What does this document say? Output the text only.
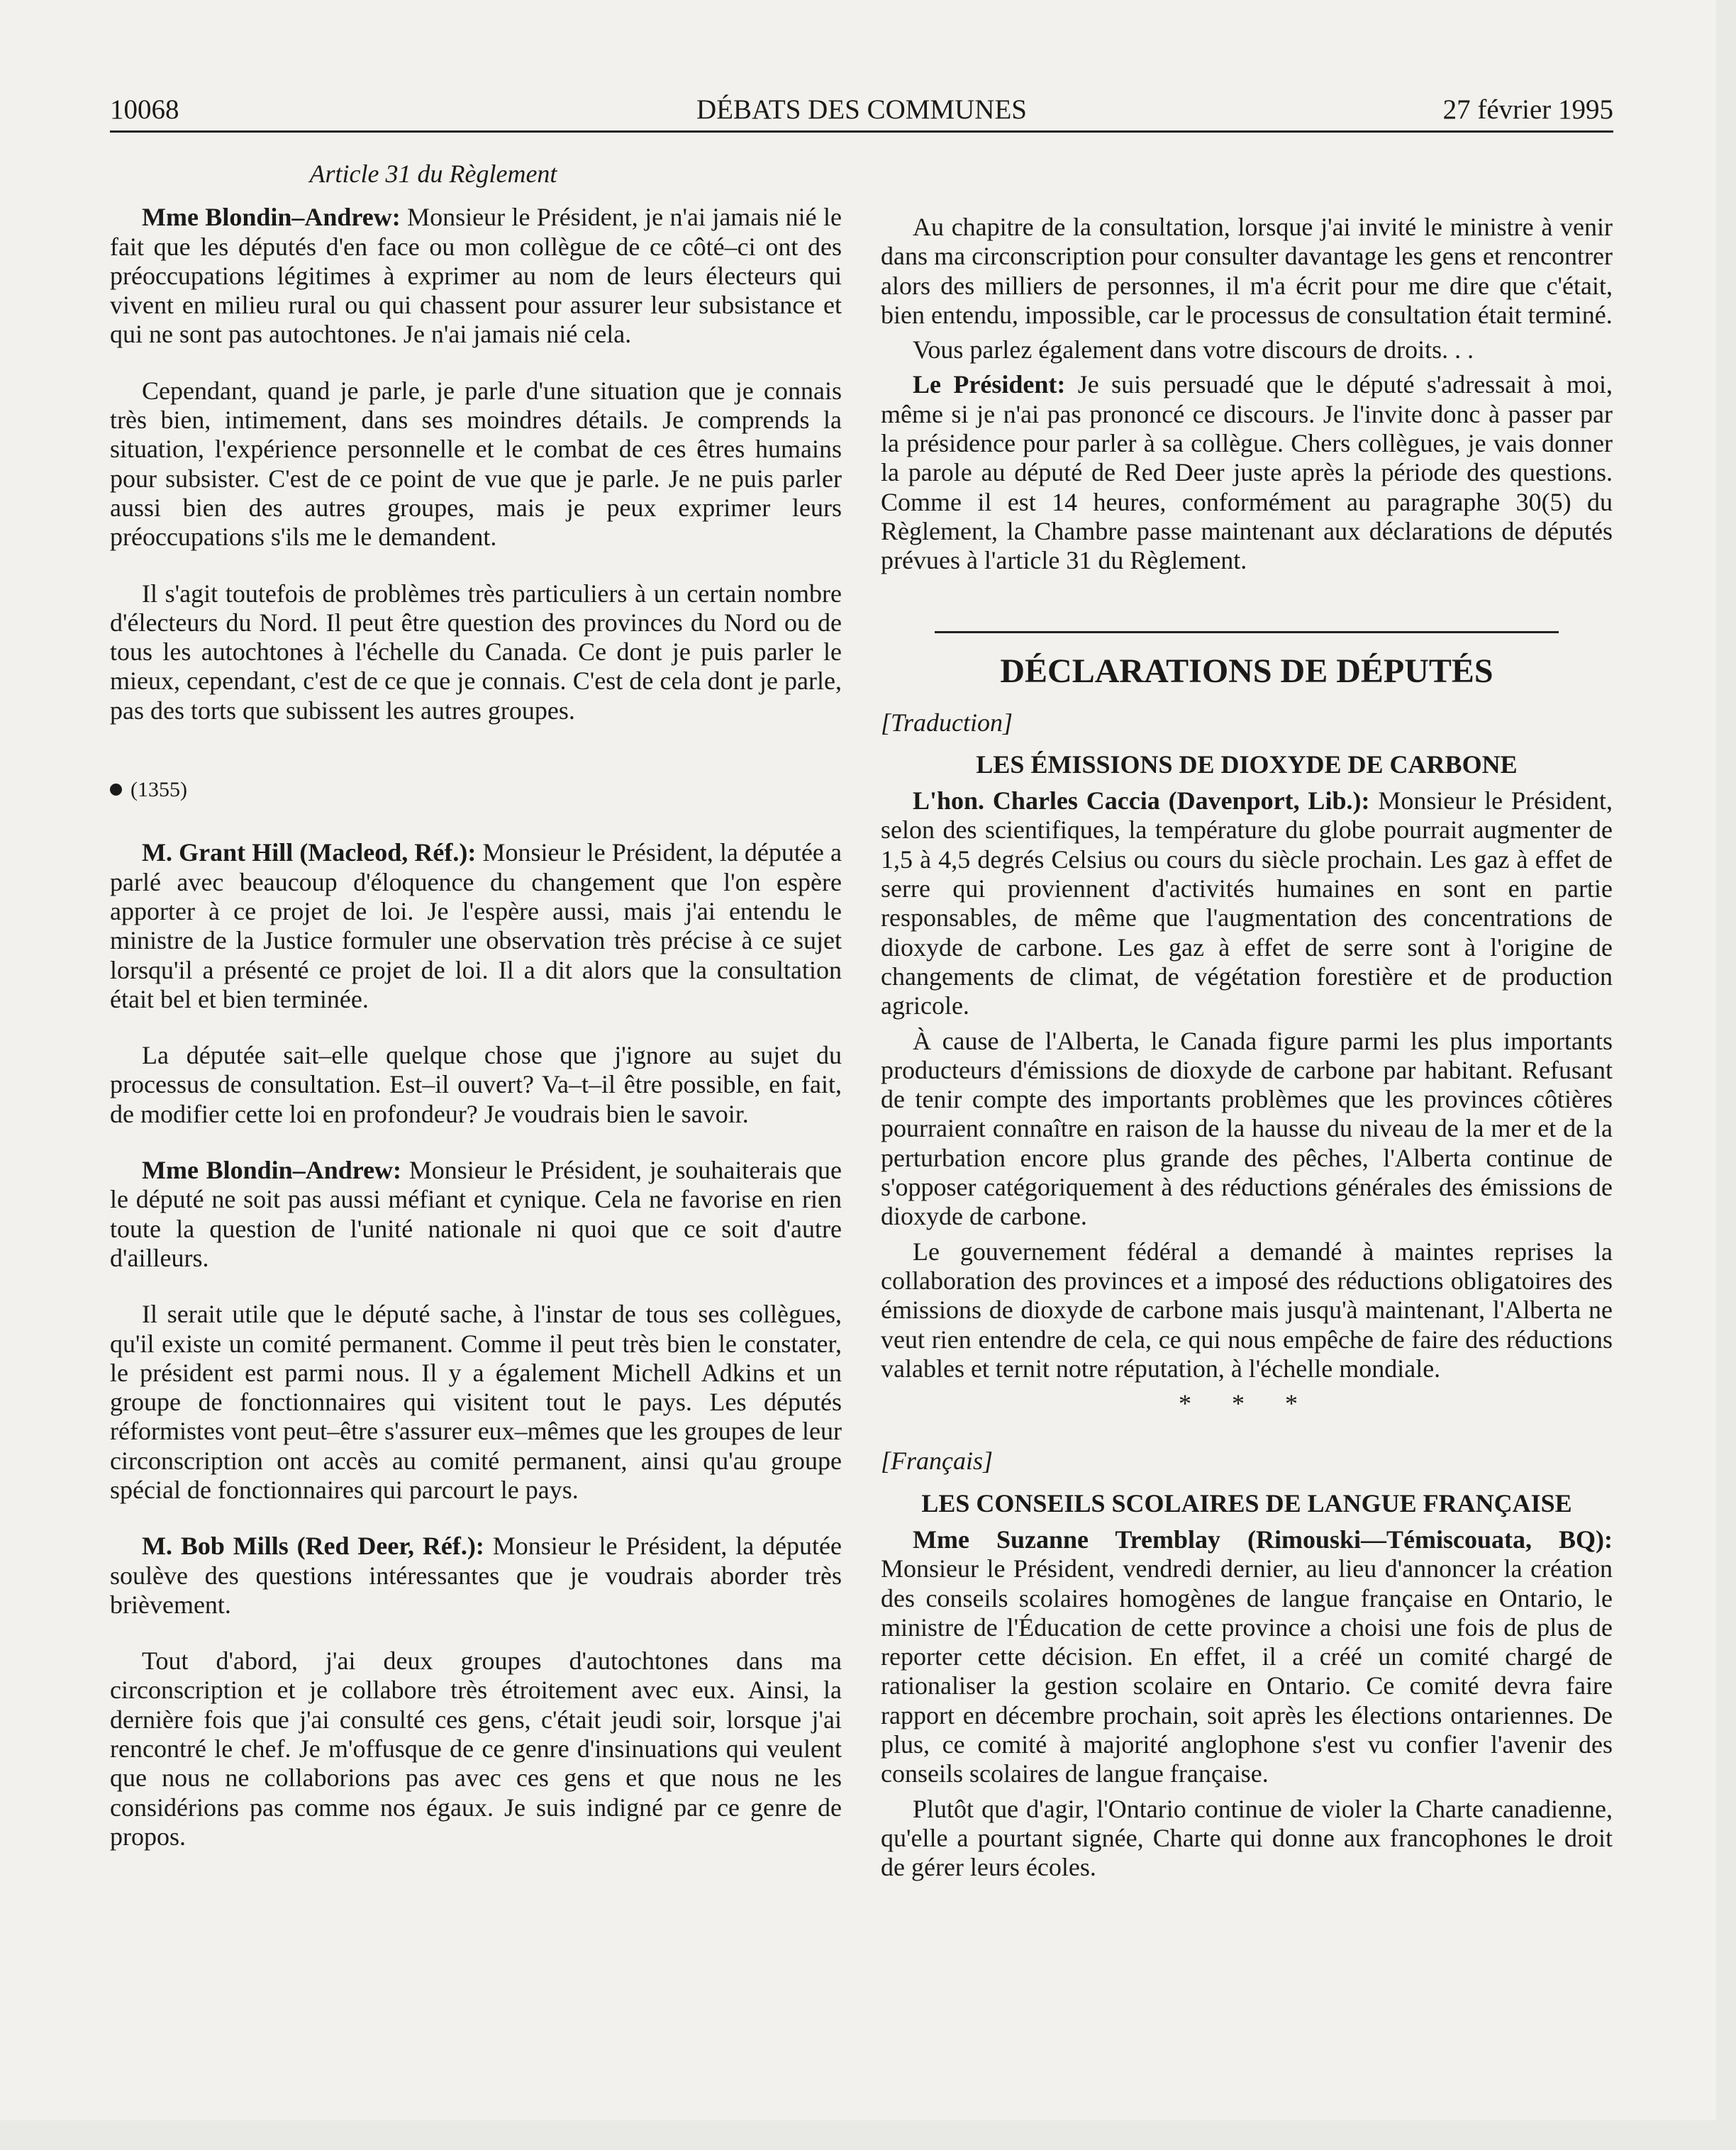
10068	DÉBATS DES COMMUNES	27 février 1995

Article 31 du Règlement

Mme Blondin–Andrew: Monsieur le Président, je n'ai jamais nié le fait que les députés d'en face ou mon collègue de ce côté–ci ont des préoccupations légitimes à exprimer au nom de leurs électeurs qui vivent en milieu rural ou qui chassent pour assurer leur subsistance et qui ne sont pas autochtones. Je n'ai jamais nié cela.

Cependant, quand je parle, je parle d'une situation que je connais très bien, intimement, dans ses moindres détails. Je comprends la situation, l'expérience personnelle et le combat de ces êtres humains pour subsister. C'est de ce point de vue que je parle. Je ne puis parler aussi bien des autres groupes, mais je peux exprimer leurs préoccupations s'ils me le demandent.

Il s'agit toutefois de problèmes très particuliers à un certain nombre d'électeurs du Nord. Il peut être question des provinces du Nord ou de tous les autochtones à l'échelle du Canada. Ce dont je puis parler le mieux, cependant, c'est de ce que je connais. C'est de cela dont je parle, pas des torts que subissent les autres groupes.

(1355)

M. Grant Hill (Macleod, Réf.): Monsieur le Président, la députée a parlé avec beaucoup d'éloquence du changement que l'on espère apporter à ce projet de loi. Je l'espère aussi, mais j'ai entendu le ministre de la Justice formuler une observation très précise à ce sujet lorsqu'il a présenté ce projet de loi. Il a dit alors que la consultation était bel et bien terminée.

La députée sait–elle quelque chose que j'ignore au sujet du processus de consultation. Est–il ouvert? Va–t–il être possible, en fait, de modifier cette loi en profondeur? Je voudrais bien le savoir.

Mme Blondin–Andrew: Monsieur le Président, je souhaiterais que le député ne soit pas aussi méfiant et cynique. Cela ne favorise en rien toute la question de l'unité nationale ni quoi que ce soit d'autre d'ailleurs.

Il serait utile que le député sache, à l'instar de tous ses collègues, qu'il existe un comité permanent. Comme il peut très bien le constater, le président est parmi nous. Il y a également Michell Adkins et un groupe de fonctionnaires qui visitent tout le pays. Les députés réformistes vont peut–être s'assurer eux–mêmes que les groupes de leur circonscription ont accès au comité permanent, ainsi qu'au groupe spécial de fonctionnaires qui parcourt le pays.

M. Bob Mills (Red Deer, Réf.): Monsieur le Président, la députée soulève des questions intéressantes que je voudrais aborder très brièvement.

Tout d'abord, j'ai deux groupes d'autochtones dans ma circonscription et je collabore très étroitement avec eux. Ainsi, la dernière fois que j'ai consulté ces gens, c'était jeudi soir, lorsque j'ai rencontré le chef. Je m'offusque de ce genre d'insinuations qui veulent que nous ne collaborions pas avec ces gens et que nous ne les considérions pas comme nos égaux. Je suis indigné par ce genre de propos.

Au chapitre de la consultation, lorsque j'ai invité le ministre à venir dans ma circonscription pour consulter davantage les gens et rencontrer alors des milliers de personnes, il m'a écrit pour me dire que c'était, bien entendu, impossible, car le processus de consultation était terminé.

Vous parlez également dans votre discours de droits. . .

Le Président: Je suis persuadé que le député s'adressait à moi, même si je n'ai pas prononcé ce discours. Je l'invite donc à passer par la présidence pour parler à sa collègue. Chers collègues, je vais donner la parole au député de Red Deer juste après la période des questions. Comme il est 14 heures, conformément au paragraphe 30(5) du Règlement, la Chambre passe maintenant aux déclarations de députés prévues à l'article 31 du Règlement.

DÉCLARATIONS DE DÉPUTÉS

[Traduction]

LES ÉMISSIONS DE DIOXYDE DE CARBONE

L'hon. Charles Caccia (Davenport, Lib.): Monsieur le Président, selon des scientifiques, la température du globe pourrait augmenter de 1,5 à 4,5 degrés Celsius ou cours du siècle prochain. Les gaz à effet de serre qui proviennent d'activités humaines en sont en partie responsables, de même que l'augmentation des concentrations de dioxyde de carbone. Les gaz à effet de serre sont à l'origine de changements de climat, de végétation forestière et de production agricole.

À cause de l'Alberta, le Canada figure parmi les plus importants producteurs d'émissions de dioxyde de carbone par habitant. Refusant de tenir compte des importants problèmes que les provinces côtières pourraient connaître en raison de la hausse du niveau de la mer et de la perturbation encore plus grande des pêches, l'Alberta continue de s'opposer catégoriquement à des réductions générales des émissions de dioxyde de carbone.

Le gouvernement fédéral a demandé à maintes reprises la collaboration des provinces et a imposé des réductions obligatoires des émissions de dioxyde de carbone mais jusqu'à maintenant, l'Alberta ne veut rien entendre de cela, ce qui nous empêche de faire des réductions valables et ternit notre réputation, à l'échelle mondiale.

* * *

[Français]

LES CONSEILS SCOLAIRES DE LANGUE FRANÇAISE

Mme Suzanne Tremblay (Rimouski—Témiscouata, BQ): Monsieur le Président, vendredi dernier, au lieu d'annoncer la création des conseils scolaires homogènes de langue française en Ontario, le ministre de l'Éducation de cette province a choisi une fois de plus de reporter cette décision. En effet, il a créé un comité chargé de rationaliser la gestion scolaire en Ontario. Ce comité devra faire rapport en décembre prochain, soit après les élections ontariennes. De plus, ce comité à majorité anglophone s'est vu confier l'avenir des conseils scolaires de langue française.

Plutôt que d'agir, l'Ontario continue de violer la Charte canadienne, qu'elle a pourtant signée, Charte qui donne aux francophones le droit de gérer leurs écoles.
